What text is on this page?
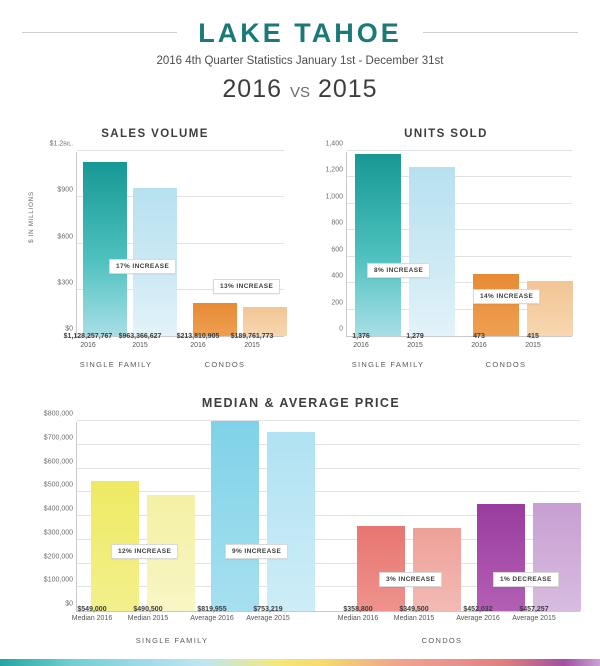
LAKE TAHOE
2016 4th Quarter Statistics January 1st - December 31st
2016 VS 2015
SALES VOLUME
$ IN MILLIONS
$0
$300
$600
$900
$1.2BIL.
17% INCREASE
13% INCREASE
$1,128,257,767
2016
$963,366,627
2015
$213,810,905
2016
$189,761,773
2015
SINGLE FAMILY	CONDOS
UNITS SOLD
0
200
400
600
800
1,000
1,200
1,400
8% INCREASE
14% INCREASE
1,376
2016
1,279
2015
473
2016
415
2015
SINGLE FAMILY	CONDOS
MEDIAN & AVERAGE PRICE
$0
$100,000
$200,000
$300,000
$400,000
$500,000
$600,000
$700,000
$800,000
12% INCREASE	9% INCREASE
3% INCREASE	1% DECREASE
$549,000
Median 2016
$490,500
Median 2015
$819,955
Average 2016
$753,219
Average 2015
$358,800
Median 2016
$349,500
Median 2015
$452,032
Average 2016
$457,257
Average 2015
SINGLE FAMILY	CONDOS
